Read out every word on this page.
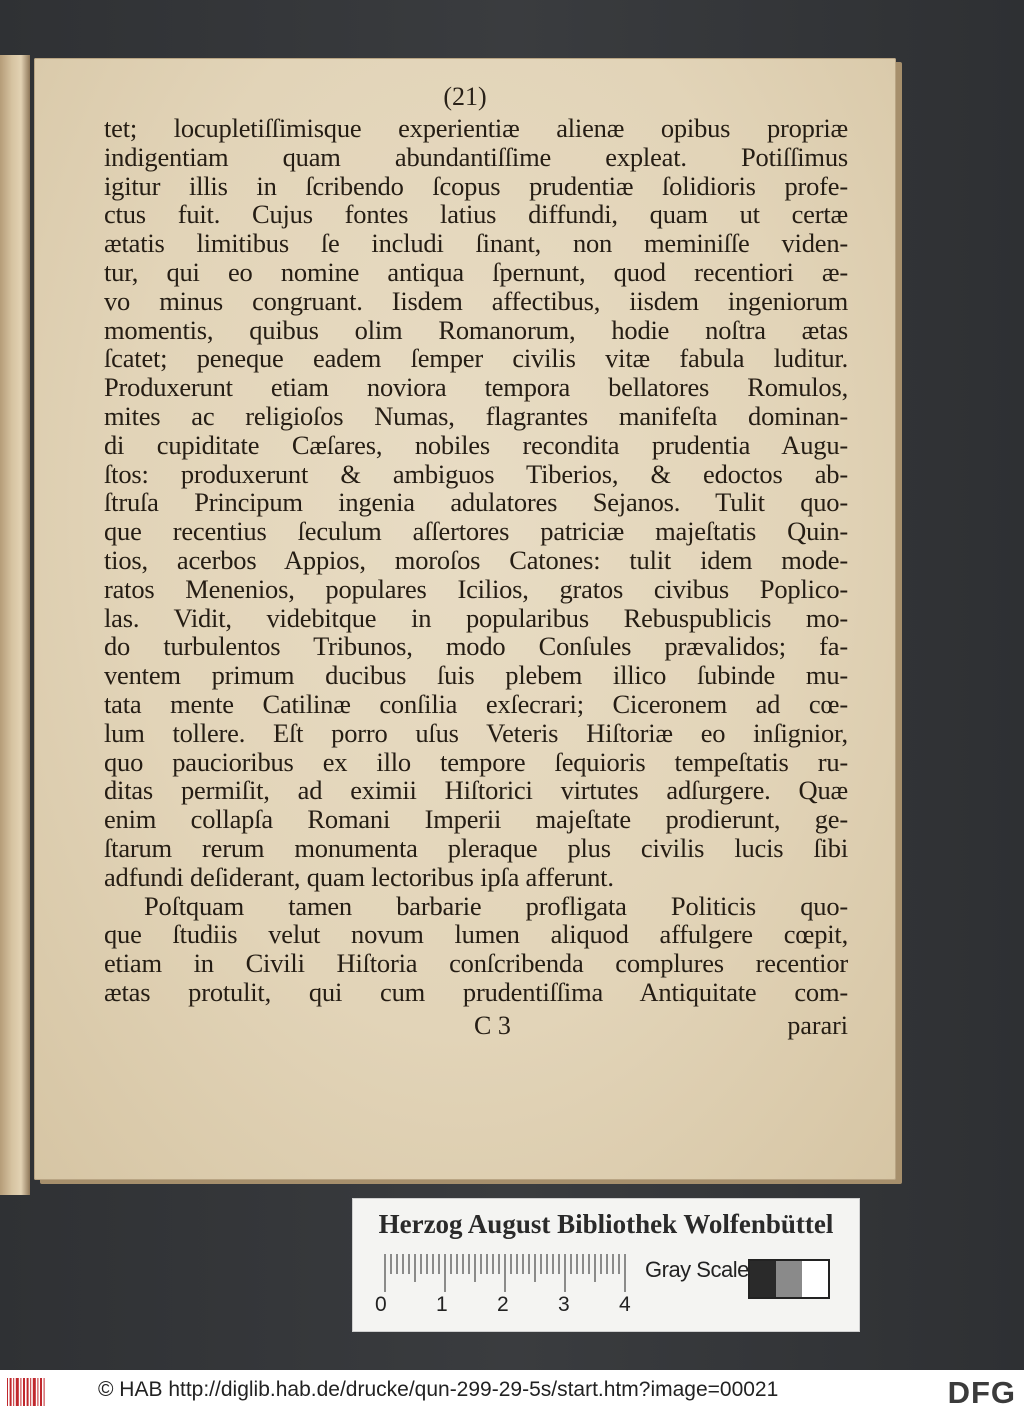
(21)
tet; locupletiſſimisque experientiæ alienæ opibus propriæ
indigentiam quam abundantiſſime expleat. Potiſſimus
igitur illis in ſcribendo ſcopus prudentiæ ſolidioris profe-
ctus fuit. Cujus fontes latius diffundi, quam ut certæ
ætatis limitibus ſe includi ſinant, non meminiſſe viden-
tur, qui eo nomine antiqua ſpernunt, quod recentiori æ-
vo minus congruant. Iisdem affectibus, iisdem ingeniorum
momentis, quibus olim Romanorum, hodie noſtra ætas
ſcatet; peneque eadem ſemper civilis vitæ fabula luditur.
Produxerunt etiam noviora tempora bellatores Romulos,
mites ac religioſos Numas, flagrantes manifeſta dominan-
di cupiditate Cæſares, nobiles recondita prudentia Augu-
ſtos: produxerunt & ambiguos Tiberios, & edoctos ab-
ſtruſa Principum ingenia adulatores Sejanos. Tulit quo-
que recentius ſeculum aſſertores patriciæ majeſtatis Quin-
tios, acerbos Appios, moroſos Catones: tulit idem mode-
ratos Menenios, populares Icilios, gratos civibus Poplico-
las. Vidit, videbitque in popularibus Rebuspublicis mo-
do turbulentos Tribunos, modo Conſules prævalidos; fa-
ventem primum ducibus ſuis plebem illico ſubinde mu-
tata mente Catilinæ conſilia exſecrari; Ciceronem ad cœ-
lum tollere. Eſt porro uſus Veteris Hiſtoriæ eo inſignior,
quo paucioribus ex illo tempore ſequioris tempeſtatis ru-
ditas permiſit, ad eximii Hiſtorici virtutes adſurgere. Quæ
enim collapſa Romani Imperii majeſtate prodierunt, ge-
ſtarum rerum monumenta pleraque plus civilis lucis ſibi
adfundi deſiderant, quam lectoribus ipſa afferunt.
Poſtquam tamen barbarie profligata Politicis quo-
que ſtudiis velut novum lumen aliquod affulgere cœpit,
etiam in Civili Hiſtoria conſcribenda complures recentior
ætas protulit, qui cum prudentiſſima Antiquitate com-
C 3	parari
Herzog August Bibliothek Wolfenbüttel
0 1 2 3 4
Gray Scale
© HAB http://diglib.hab.de/drucke/qun-299-29-5s/start.htm?image=00021	DFG
